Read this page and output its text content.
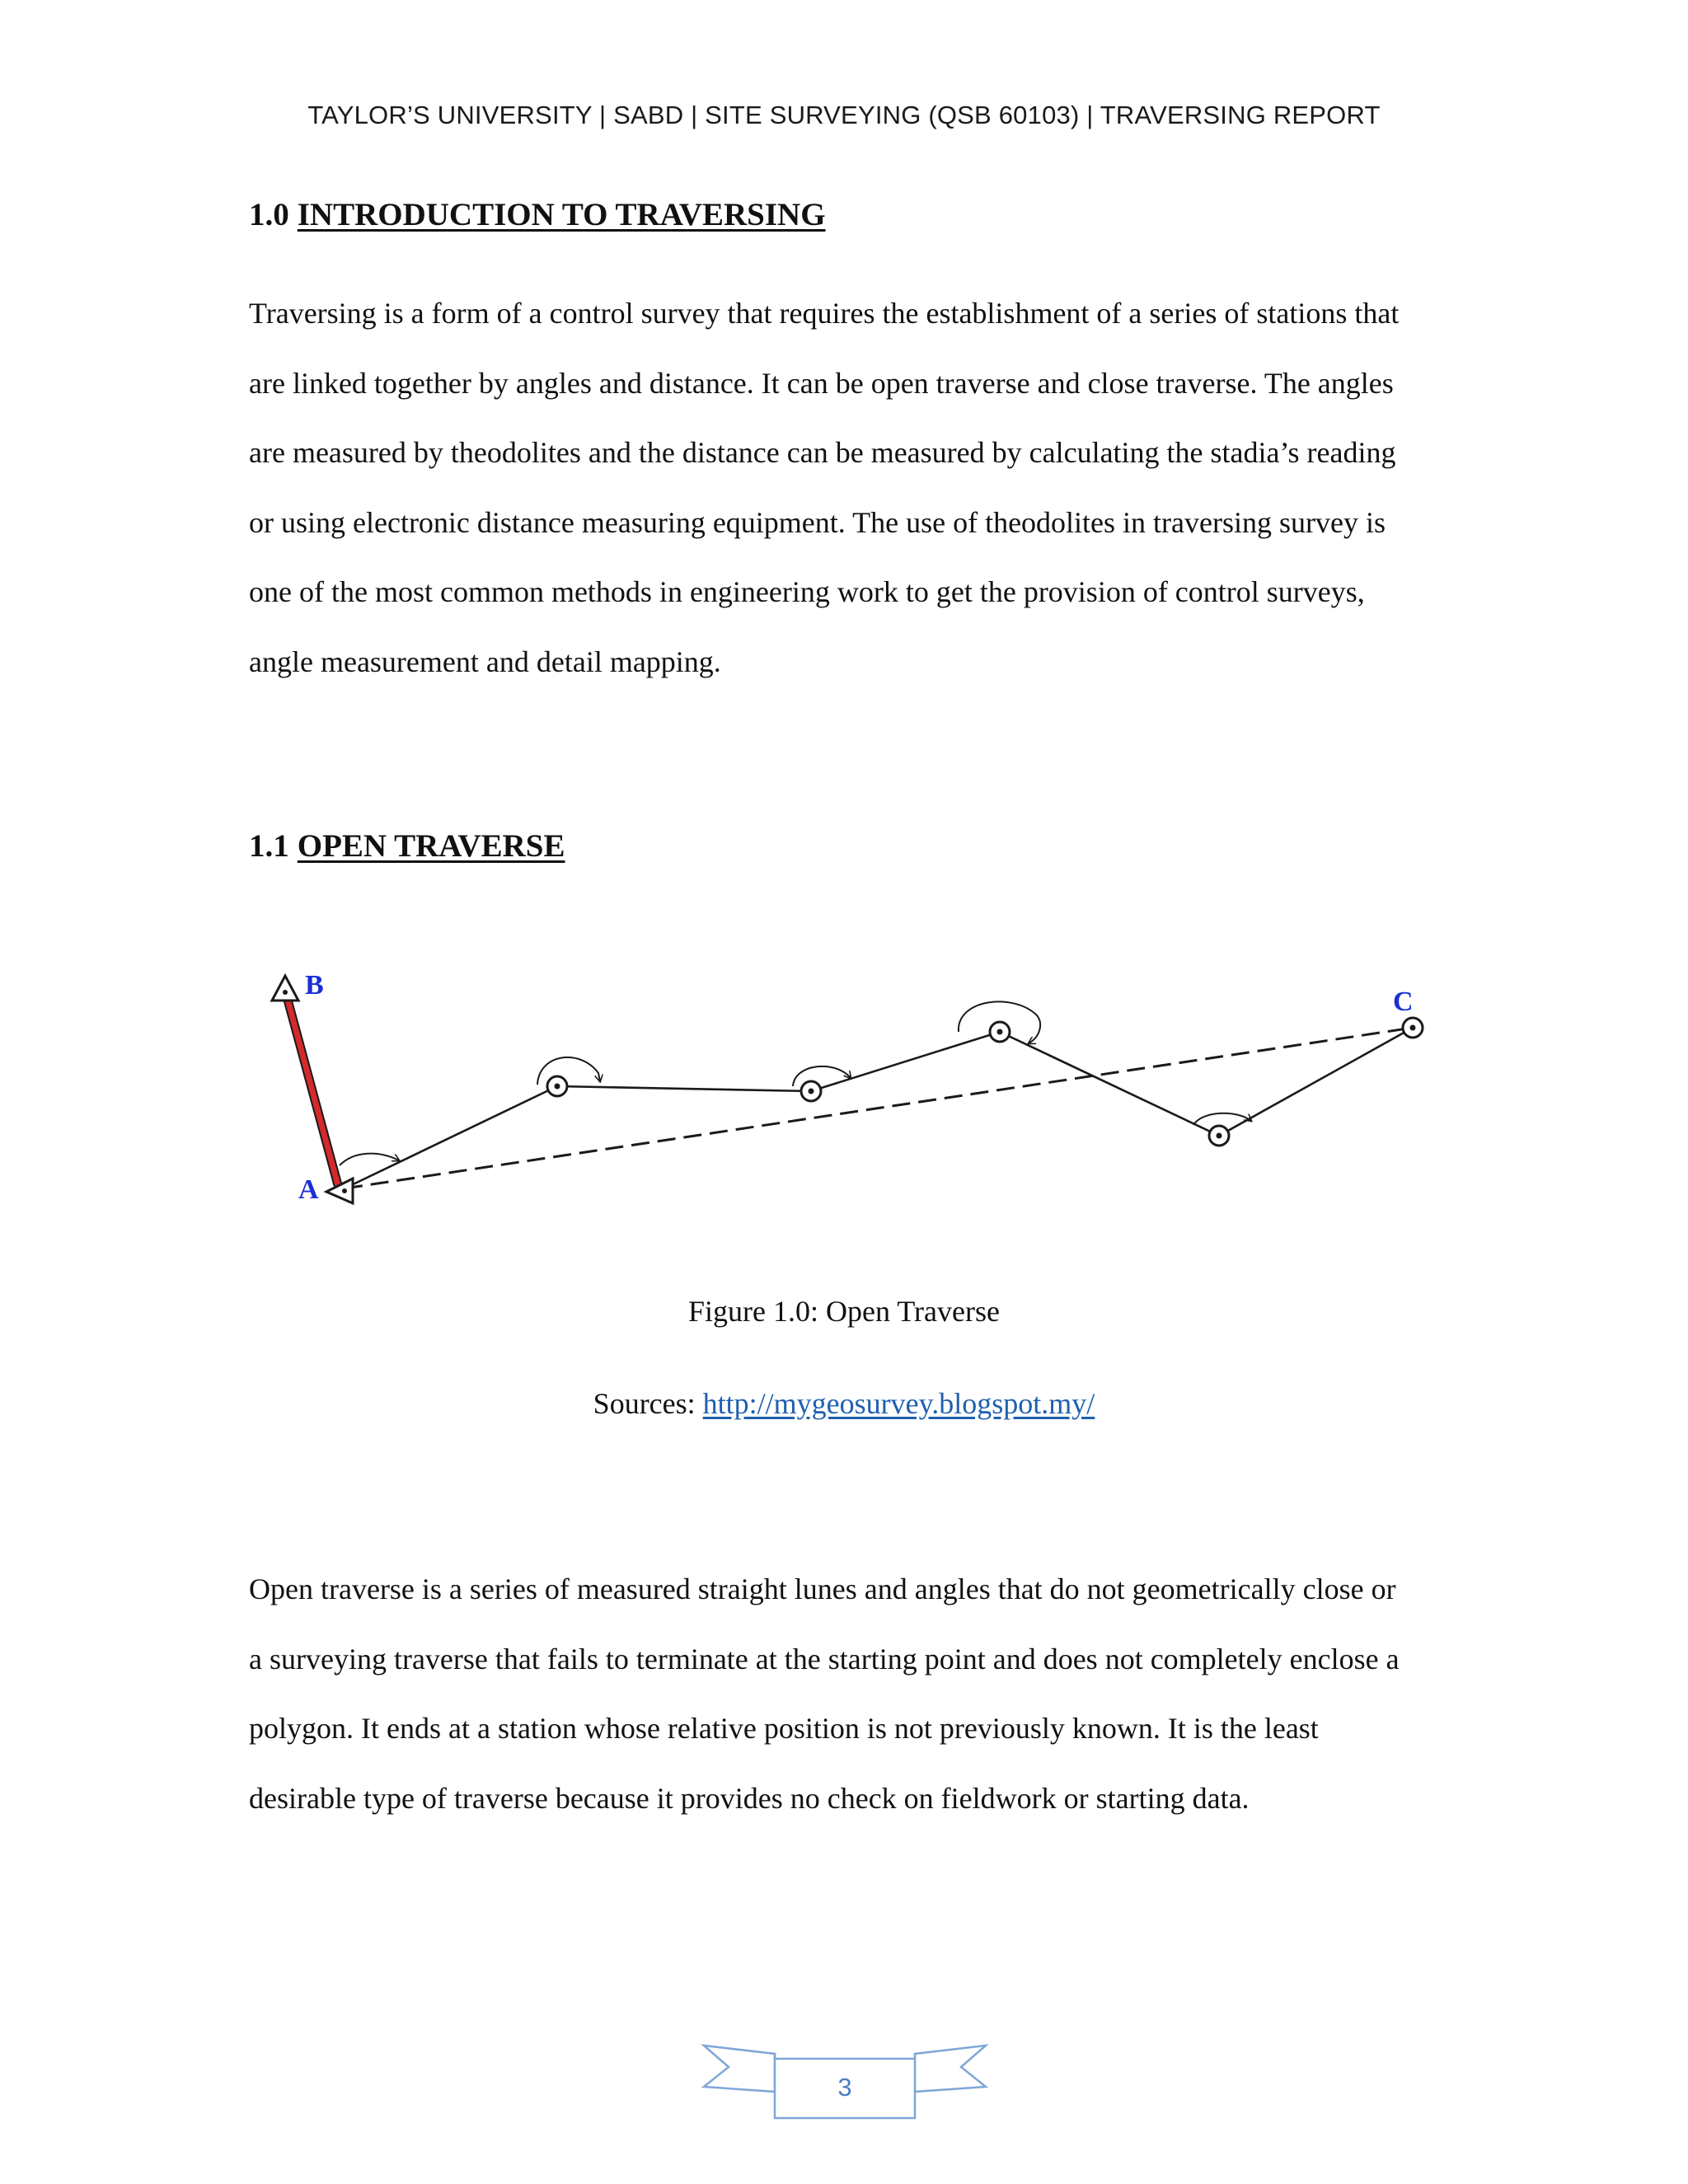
TAYLOR’S UNIVERSITY | SABD | SITE SURVEYING (QSB 60103) | TRAVERSING REPORT
1.0 INTRODUCTION TO TRAVERSING

Traversing is a form of a control survey that requires the establishment of a series of stations that
are linked together by angles and distance. It can be open traverse and close traverse. The angles
are measured by theodolites and the distance can be measured by calculating the stadia’s reading
or using electronic distance measuring equipment. The use of theodolites in traversing survey is
one of the most common methods in engineering work to get the provision of control surveys,
angle measurement and detail mapping.

1.1 OPEN TRAVERSE
A
B
C
Figure 1.0: Open Traverse
Sources: http://mygeosurvey.blogspot.my/

Open traverse is a series of measured straight lunes and angles that do not geometrically close or
a surveying traverse that fails to terminate at the starting point and does not completely enclose a
polygon. It ends at a station whose relative position is not previously known. It is the least
desirable type of traverse because it provides no check on fieldwork or starting data.

3
